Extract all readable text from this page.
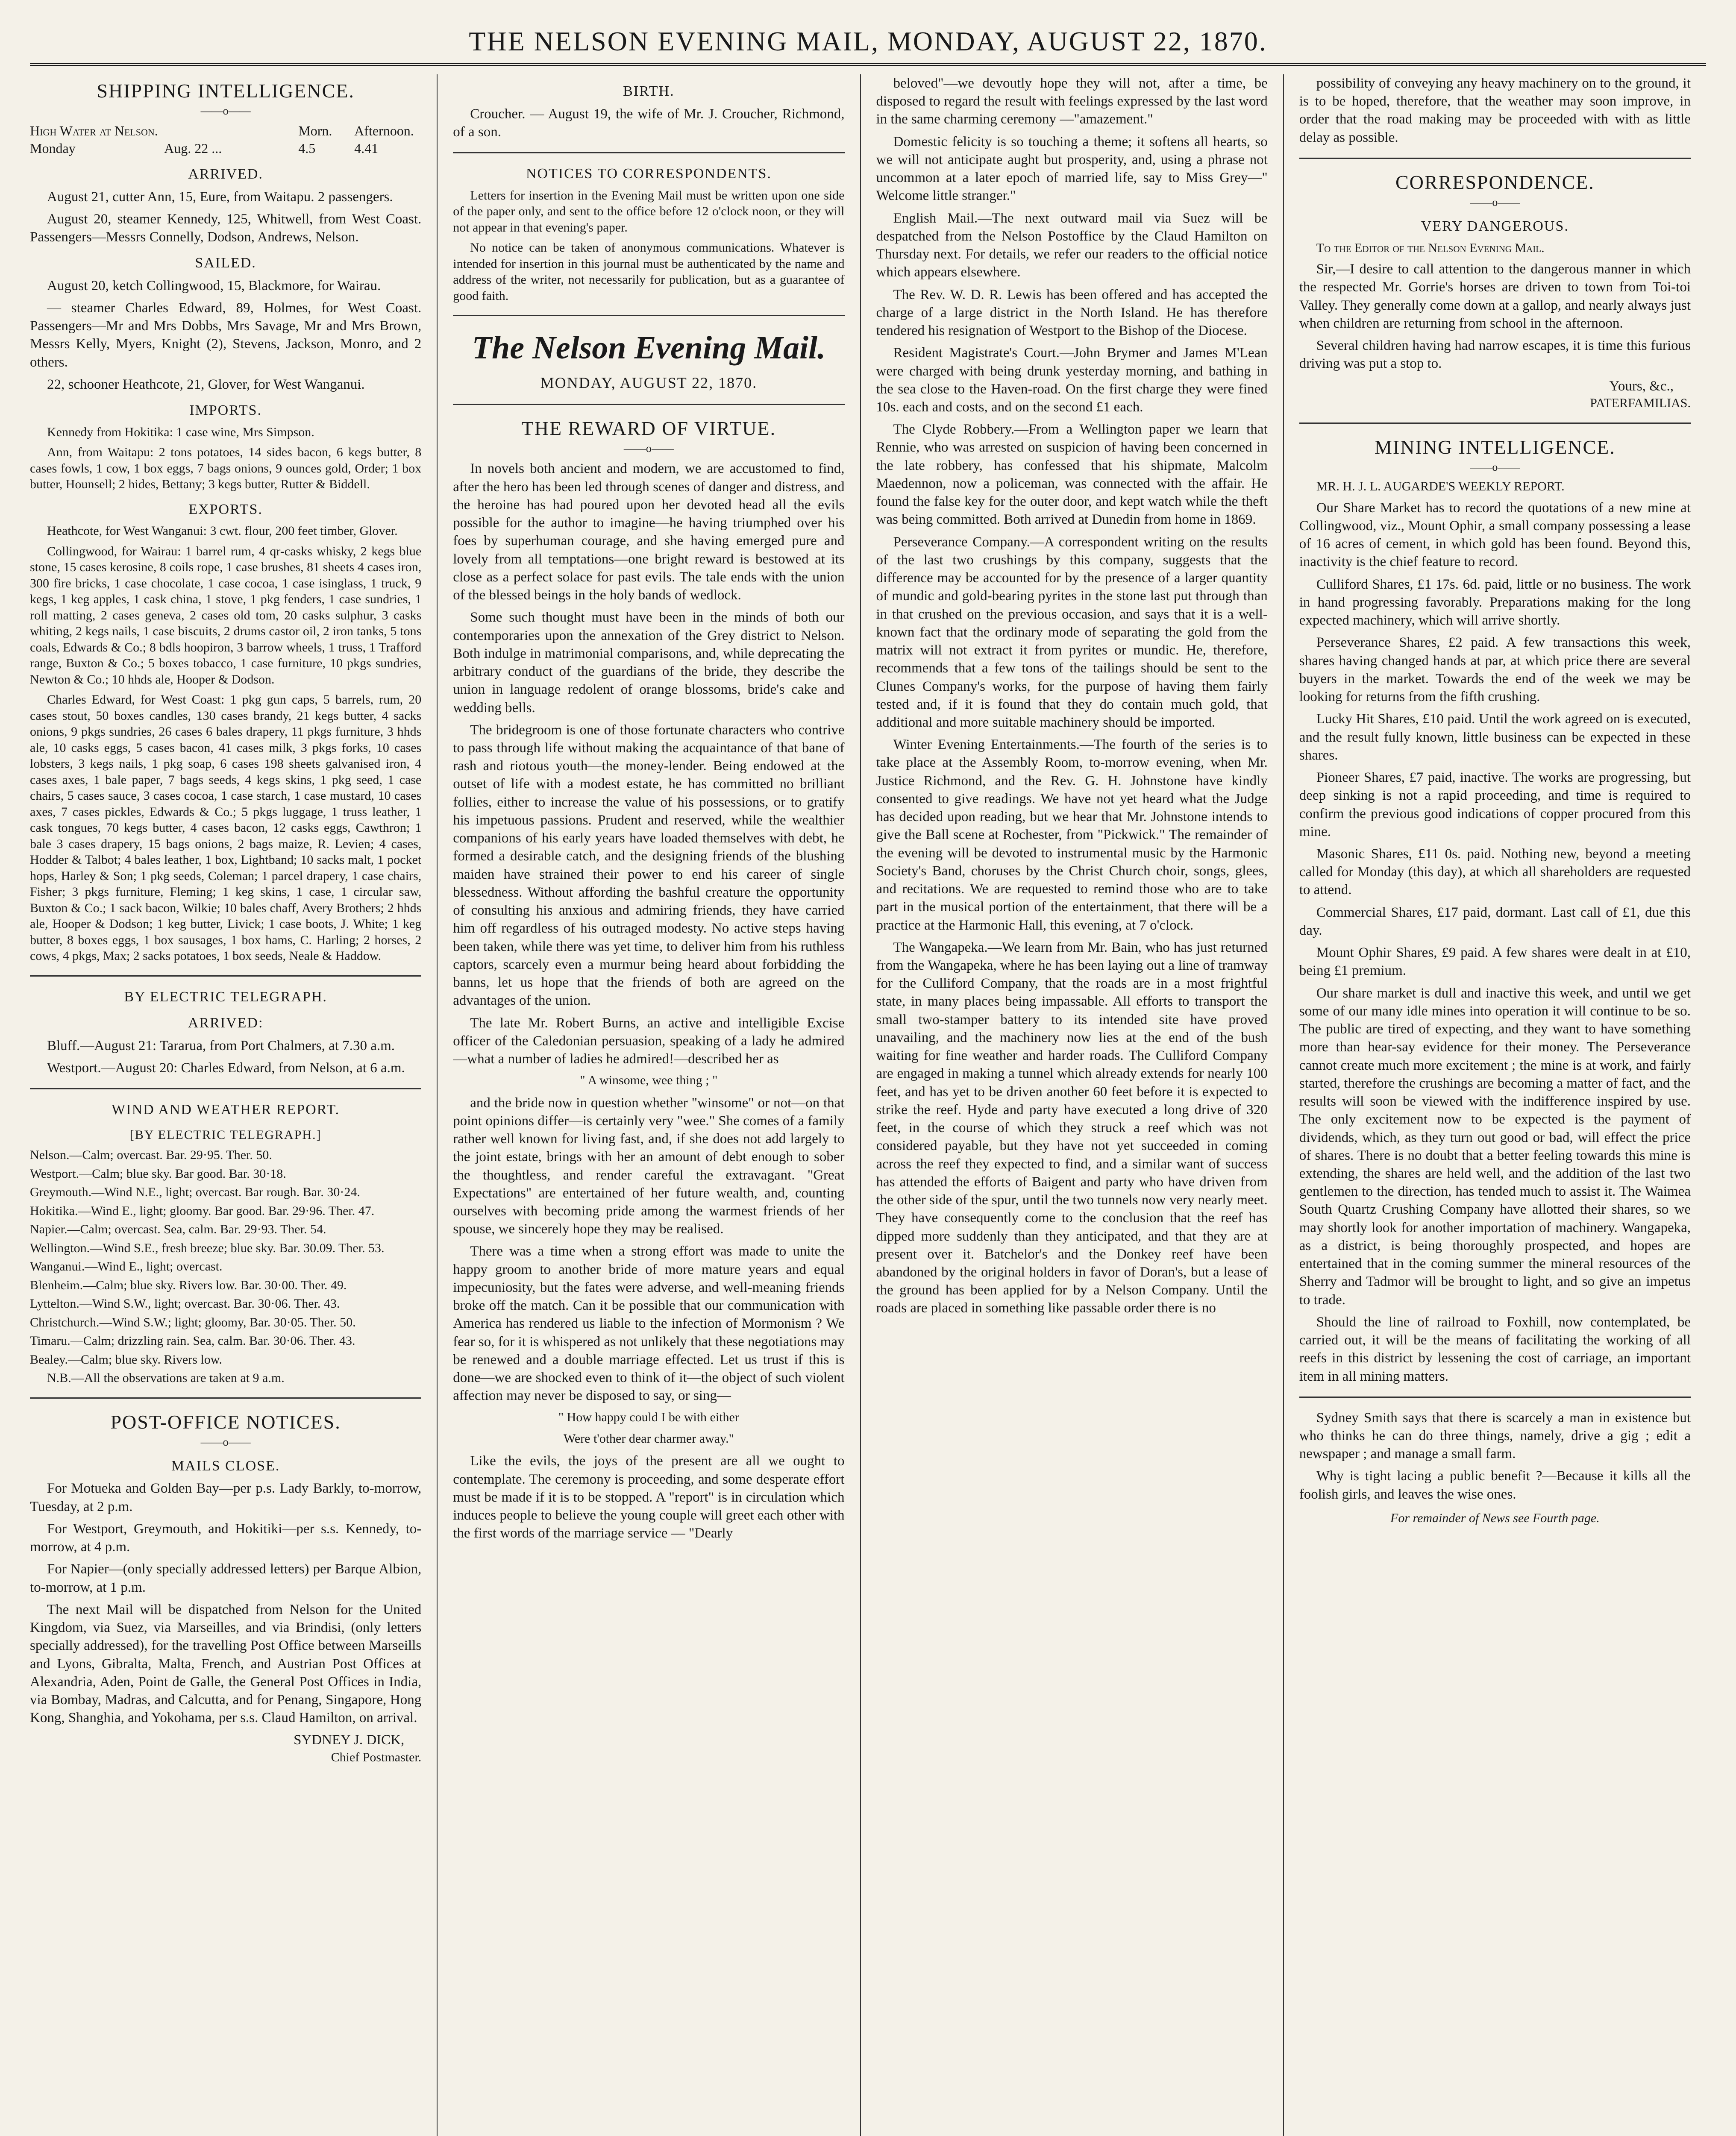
THE NELSON EVENING MAIL, MONDAY, AUGUST 22, 1870.
SHIPPING INTELLIGENCE.
——o——
High Water at Nelson.	Morn.	Afternoon.
Monday	Aug. 22 ...	4.5	4.41
ARRIVED.

August 21, cutter Ann, 15, Eure, from Waitapu. 2 passengers.

August 20, steamer Kennedy, 125, Whitwell, from West Coast. Passengers—Messrs Connelly, Dodson, Andrews, Nelson.

SAILED.

August 20, ketch Collingwood, 15, Blackmore, for Wairau.

— steamer Charles Edward, 89, Holmes, for West Coast. Passengers—Mr and Mrs Dobbs, Mrs Savage, Mr and Mrs Brown, Messrs Kelly, Myers, Knight (2), Stevens, Jackson, Monro, and 2 others.

22, schooner Heathcote, 21, Glover, for West Wanganui.

IMPORTS.

Kennedy from Hokitika: 1 case wine, Mrs Simpson.

Ann, from Waitapu: 2 tons potatoes, 14 sides bacon, 6 kegs butter, 8 cases fowls, 1 cow, 1 box eggs, 7 bags onions, 9 ounces gold, Order; 1 box butter, Hounsell; 2 hides, Bettany; 3 kegs butter, Rutter & Biddell.

EXPORTS.

Heathcote, for West Wanganui: 3 cwt. flour, 200 feet timber, Glover.

Collingwood, for Wairau: 1 barrel rum, 4 qr-casks whisky, 2 kegs blue stone, 15 cases kerosine, 8 coils rope, 1 case brushes, 81 sheets 4 cases iron, 300 fire bricks, 1 case chocolate, 1 case cocoa, 1 case isinglass, 1 truck, 9 kegs, 1 keg apples, 1 cask china, 1 stove, 1 pkg fenders, 1 case sundries, 1 roll matting, 2 cases geneva, 2 cases old tom, 20 casks sulphur, 3 casks whiting, 2 kegs nails, 1 case biscuits, 2 drums castor oil, 2 iron tanks, 5 tons coals, Edwards & Co.; 8 bdls hoopiron, 3 barrow wheels, 1 truss, 1 Trafford range, Buxton & Co.; 5 boxes tobacco, 1 case furniture, 10 pkgs sundries, Newton & Co.; 10 hhds ale, Hooper & Dodson.

Charles Edward, for West Coast: 1 pkg gun caps, 5 barrels, rum, 20 cases stout, 50 boxes candles, 130 cases brandy, 21 kegs butter, 4 sacks onions, 9 pkgs sundries, 26 cases 6 bales drapery, 11 pkgs furniture, 3 hhds ale, 10 casks eggs, 5 cases bacon, 41 cases milk, 3 pkgs forks, 10 cases lobsters, 3 kegs nails, 1 pkg soap, 6 cases 198 sheets galvanised iron, 4 cases axes, 1 bale paper, 7 bags seeds, 4 kegs skins, 1 pkg seed, 1 case chairs, 5 cases sauce, 3 cases cocoa, 1 case starch, 1 case mustard, 10 cases axes, 7 cases pickles, Edwards & Co.; 5 pkgs luggage, 1 truss leather, 1 cask tongues, 70 kegs butter, 4 cases bacon, 12 casks eggs, Cawthron; 1 bale 3 cases drapery, 15 bags onions, 2 bags maize, R. Levien; 4 cases, Hodder & Talbot; 4 bales leather, 1 box, Lightband; 10 sacks malt, 1 pocket hops, Harley & Son; 1 pkg seeds, Coleman; 1 parcel drapery, 1 case chairs, Fisher; 3 pkgs furniture, Fleming; 1 keg skins, 1 case, 1 circular saw, Buxton & Co.; 1 sack bacon, Wilkie; 10 bales chaff, Avery Brothers; 2 hhds ale, Hooper & Dodson; 1 keg butter, Livick; 1 case boots, J. White; 1 keg butter, 8 boxes eggs, 1 box sausages, 1 box hams, C. Harling; 2 horses, 2 cows, 4 pkgs, Max; 2 sacks potatoes, 1 box seeds, Neale & Haddow.

BY ELECTRIC TELEGRAPH.
ARRIVED:

Bluff.—August 21: Tararua, from Port Chalmers, at 7.30 a.m.

Westport.—August 20: Charles Edward, from Nelson, at 6 a.m.

WIND AND WEATHER REPORT.
[BY ELECTRIC TELEGRAPH.]

Nelson.—Calm; overcast. Bar. 29·95. Ther. 50.

Westport.—Calm; blue sky. Bar good. Bar. 30·18.

Greymouth.—Wind N.E., light; overcast. Bar rough. Bar. 30·24.

Hokitika.—Wind E., light; gloomy. Bar good. Bar. 29·96. Ther. 47.

Napier.—Calm; overcast. Sea, calm. Bar. 29·93. Ther. 54.

Wellington.—Wind S.E., fresh breeze; blue sky. Bar. 30.09. Ther. 53.

Wanganui.—Wind E., light; overcast.

Blenheim.—Calm; blue sky. Rivers low. Bar. 30·00. Ther. 49.

Lyttelton.—Wind S.W., light; overcast. Bar. 30·06. Ther. 43.

Christchurch.—Wind S.W.; light; gloomy, Bar. 30·05. Ther. 50.

Timaru.—Calm; drizzling rain. Sea, calm. Bar. 30·06. Ther. 43.

Bealey.—Calm; blue sky. Rivers low.

N.B.—All the observations are taken at 9 a.m.

POST-OFFICE NOTICES.
——o——
MAILS CLOSE.

For Motueka and Golden Bay—per p.s. Lady Barkly, to-morrow, Tuesday, at 2 p.m.

For Westport, Greymouth, and Hokitiki—per s.s. Kennedy, to-morrow, at 4 p.m.

For Napier—(only specially addressed letters) per Barque Albion, to-morrow, at 1 p.m.

The next Mail will be dispatched from Nelson for the United Kingdom, via Suez, via Marseilles, and via Brindisi, (only letters specially addressed), for the travelling Post Office between Marseills and Lyons, Gibralta, Malta, French, and Austrian Post Offices at Alexandria, Aden, Point de Galle, the General Post Offices in India, via Bombay, Madras, and Calcutta, and for Penang, Singapore, Hong Kong, Shanghia, and Yokohama, per s.s. Claud Hamilton, on arrival.

SYDNEY J. DICK,
Chief Postmaster.
BIRTH.

Croucher. — August 19, the wife of Mr. J. Croucher, Richmond, of a son.

NOTICES TO CORRESPONDENTS.

Letters for insertion in the Evening Mail must be written upon one side of the paper only, and sent to the office before 12 o'clock noon, or they will not appear in that evening's paper.

No notice can be taken of anonymous communications. Whatever is intended for insertion in this journal must be authenticated by the name and address of the writer, not necessarily for publication, but as a guarantee of good faith.

The Nelson Evening Mail.
MONDAY, AUGUST 22, 1870.
THE REWARD OF VIRTUE.
——o——

In novels both ancient and modern, we are accustomed to find, after the hero has been led through scenes of danger and distress, and the heroine has had poured upon her devoted head all the evils possible for the author to imagine—he having triumphed over his foes by superhuman courage, and she having emerged pure and lovely from all temptations—one bright reward is bestowed at its close as a perfect solace for past evils. The tale ends with the union of the blessed beings in the holy bands of wedlock.

Some such thought must have been in the minds of both our contemporaries upon the annexation of the Grey district to Nelson. Both indulge in matrimonial comparisons, and, while deprecating the arbitrary conduct of the guardians of the bride, they describe the union in language redolent of orange blossoms, bride's cake and wedding bells.

The bridegroom is one of those fortunate characters who contrive to pass through life without making the acquaintance of that bane of rash and riotous youth—the money-lender. Being endowed at the outset of life with a modest estate, he has committed no brilliant follies, either to increase the value of his possessions, or to gratify his impetuous passions. Prudent and reserved, while the wealthier companions of his early years have loaded themselves with debt, he formed a desirable catch, and the designing friends of the blushing maiden have strained their power to end his career of single blessedness. Without affording the bashful creature the opportunity of consulting his anxious and admiring friends, they have carried him off regardless of his outraged modesty. No active steps having been taken, while there was yet time, to deliver him from his ruthless captors, scarcely even a murmur being heard about forbidding the banns, let us hope that the friends of both are agreed on the advantages of the union.

The late Mr. Robert Burns, an active and intelligible Excise officer of the Caledonian persuasion, speaking of a lady he admired—what a number of ladies he admired!—described her as

" A winsome, wee thing ; "

and the bride now in question whether "winsome" or not—on that point opinions differ—is certainly very "wee." She comes of a family rather well known for living fast, and, if she does not add largely to the joint estate, brings with her an amount of debt enough to sober the thoughtless, and render careful the extravagant. "Great Expectations" are entertained of her future wealth, and, counting ourselves with becoming pride among the warmest friends of her spouse, we sincerely hope they may be realised.

There was a time when a strong effort was made to unite the happy groom to another bride of more mature years and equal impecuniosity, but the fates were adverse, and well-meaning friends broke off the match. Can it be possible that our communication with America has rendered us liable to the infection of Mormonism ? We fear so, for it is whispered as not unlikely that these negotiations may be renewed and a double marriage effected. Let us trust if this is done—we are shocked even to think of it—the object of such violent affection may never be disposed to say, or sing—

" How happy could I be with either
Were t'other dear charmer away."

Like the evils, the joys of the present are all we ought to contemplate. The ceremony is proceeding, and some desperate effort must be made if it is to be stopped. A "report" is in circulation which induces people to believe the young couple will greet each other with the first words of the marriage service — "Dearly

beloved"—we devoutly hope they will not, after a time, be disposed to regard the result with feelings expressed by the last word in the same charming ceremony —"amazement."

Domestic felicity is so touching a theme; it softens all hearts, so we will not anticipate aught but prosperity, and, using a phrase not uncommon at a later epoch of married life, say to Miss Grey—" Welcome little stranger."

English Mail.—The next outward mail via Suez will be despatched from the Nelson Postoffice by the Claud Hamilton on Thursday next. For details, we refer our readers to the official notice which appears elsewhere.

The Rev. W. D. R. Lewis has been offered and has accepted the charge of a large district in the North Island. He has therefore tendered his resignation of Westport to the Bishop of the Diocese.

Resident Magistrate's Court.—John Brymer and James M'Lean were charged with being drunk yesterday morning, and bathing in the sea close to the Haven-road. On the first charge they were fined 10s. each and costs, and on the second £1 each.

The Clyde Robbery.—From a Wellington paper we learn that Rennie, who was arrested on suspicion of having been concerned in the late robbery, has confessed that his shipmate, Malcolm Maedennon, now a policeman, was connected with the affair. He found the false key for the outer door, and kept watch while the theft was being committed. Both arrived at Dunedin from home in 1869.

Perseverance Company.—A correspondent writing on the results of the last two crushings by this company, suggests that the difference may be accounted for by the presence of a larger quantity of mundic and gold-bearing pyrites in the stone last put through than in that crushed on the previous occasion, and says that it is a well-known fact that the ordinary mode of separating the gold from the matrix will not extract it from pyrites or mundic. He, therefore, recommends that a few tons of the tailings should be sent to the Clunes Company's works, for the purpose of having them fairly tested and, if it is found that they do contain much gold, that additional and more suitable machinery should be imported.

Winter Evening Entertainments.—The fourth of the series is to take place at the Assembly Room, to-morrow evening, when Mr. Justice Richmond, and the Rev. G. H. Johnstone have kindly consented to give readings. We have not yet heard what the Judge has decided upon reading, but we hear that Mr. Johnstone intends to give the Ball scene at Rochester, from "Pickwick." The remainder of the evening will be devoted to instrumental music by the Harmonic Society's Band, choruses by the Christ Church choir, songs, glees, and recitations. We are requested to remind those who are to take part in the musical portion of the entertainment, that there will be a practice at the Harmonic Hall, this evening, at 7 o'clock.

The Wangapeka.—We learn from Mr. Bain, who has just returned from the Wangapeka, where he has been laying out a line of tramway for the Culliford Company, that the roads are in a most frightful state, in many places being impassable. All efforts to transport the small two-stamper battery to its intended site have proved unavailing, and the machinery now lies at the end of the bush waiting for fine weather and harder roads. The Culliford Company are engaged in making a tunnel which already extends for nearly 100 feet, and has yet to be driven another 60 feet before it is expected to strike the reef. Hyde and party have executed a long drive of 320 feet, in the course of which they struck a reef which was not considered payable, but they have not yet succeeded in coming across the reef they expected to find, and a similar want of success has attended the efforts of Baigent and party who have driven from the other side of the spur, until the two tunnels now very nearly meet. They have consequently come to the conclusion that the reef has dipped more suddenly than they anticipated, and that they are at present over it. Batchelor's and the Donkey reef have been abandoned by the original holders in favor of Doran's, but a lease of the ground has been applied for by a Nelson Company. Until the roads are placed in something like passable order there is no

possibility of conveying any heavy machinery on to the ground, it is to be hoped, therefore, that the weather may soon improve, in order that the road making may be proceeded with with as little delay as possible.

CORRESPONDENCE.
——o——
VERY DANGEROUS.

To the Editor of the Nelson Evening Mail.

Sir,—I desire to call attention to the dangerous manner in which the respected Mr. Gorrie's horses are driven to town from Toi-toi Valley. They generally come down at a gallop, and nearly always just when children are returning from school in the afternoon.

Several children having had narrow escapes, it is time this furious driving was put a stop to.

Yours, &c.,
PATERFAMILIAS.
MINING INTELLIGENCE.
——o——

MR. H. J. L. AUGARDE'S WEEKLY REPORT.

Our Share Market has to record the quotations of a new mine at Collingwood, viz., Mount Ophir, a small company possessing a lease of 16 acres of cement, in which gold has been found. Beyond this, inactivity is the chief feature to record.

Culliford Shares, £1 17s. 6d. paid, little or no business. The work in hand progressing favorably. Preparations making for the long expected machinery, which will arrive shortly.

Perseverance Shares, £2 paid. A few transactions this week, shares having changed hands at par, at which price there are several buyers in the market. Towards the end of the week we may be looking for returns from the fifth crushing.

Lucky Hit Shares, £10 paid. Until the work agreed on is executed, and the result fully known, little business can be expected in these shares.

Pioneer Shares, £7 paid, inactive. The works are progressing, but deep sinking is not a rapid proceeding, and time is required to confirm the previous good indications of copper procured from this mine.

Masonic Shares, £11 0s. paid. Nothing new, beyond a meeting called for Monday (this day), at which all shareholders are requested to attend.

Commercial Shares, £17 paid, dormant. Last call of £1, due this day.

Mount Ophir Shares, £9 paid. A few shares were dealt in at £10, being £1 premium.

Our share market is dull and inactive this week, and until we get some of our many idle mines into operation it will continue to be so. The public are tired of expecting, and they want to have something more than hear-say evidence for their money. The Perseverance cannot create much more excitement ; the mine is at work, and fairly started, therefore the crushings are becoming a matter of fact, and the results will soon be viewed with the indifference inspired by use. The only excitement now to be expected is the payment of dividends, which, as they turn out good or bad, will effect the price of shares. There is no doubt that a better feeling towards this mine is extending, the shares are held well, and the addition of the last two gentlemen to the direction, has tended much to assist it. The Waimea South Quartz Crushing Company have allotted their shares, so we may shortly look for another importation of machinery. Wangapeka, as a district, is being thoroughly prospected, and hopes are entertained that in the coming summer the mineral resources of the Sherry and Tadmor will be brought to light, and so give an impetus to trade.

Should the line of railroad to Foxhill, now contemplated, be carried out, it will be the means of facilitating the working of all reefs in this district by lessening the cost of carriage, an important item in all mining matters.

Sydney Smith says that there is scarcely a man in existence but who thinks he can do three things, namely, drive a gig ; edit a newspaper ; and manage a small farm.

Why is tight lacing a public benefit ?—Because it kills all the foolish girls, and leaves the wise ones.

For remainder of News see Fourth page.
